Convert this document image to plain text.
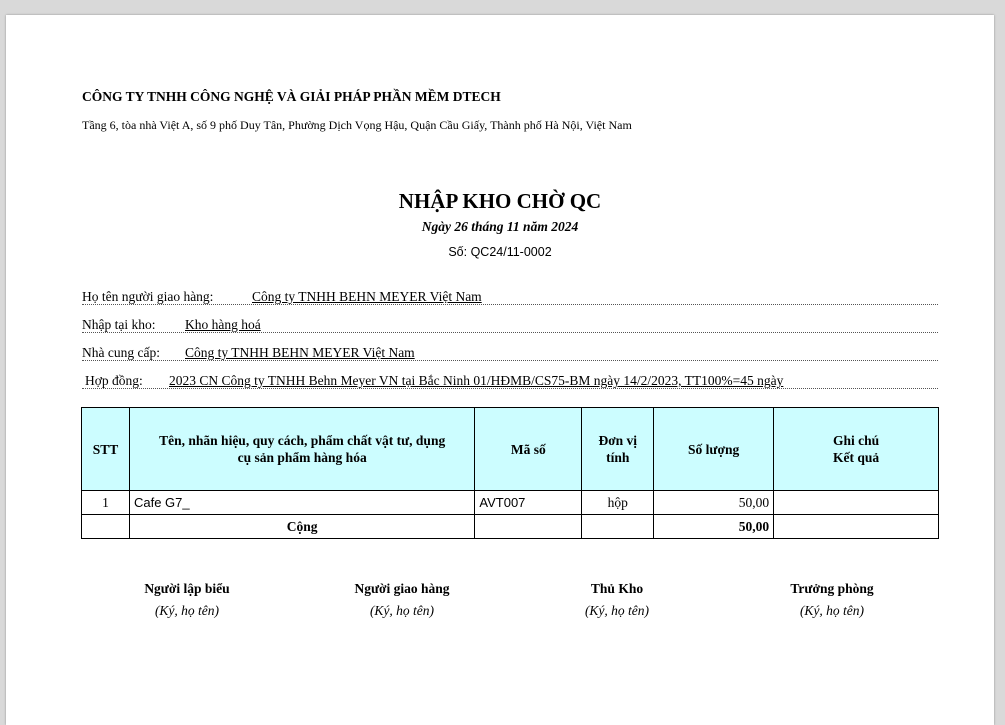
CÔNG TY TNHH CÔNG NGHỆ VÀ GIẢI PHÁP PHẦN MỀM DTECH
Tầng 6, tòa nhà Việt A, số 9 phố Duy Tân, Phường Dịch Vọng Hậu, Quận Cầu Giấy, Thành phố Hà Nội, Việt Nam
NHẬP KHO CHỜ QC
Ngày 26 tháng 11 năm 2024
Số: QC24/11-0002
Họ tên người giao hàng:	Công ty TNHH BEHN MEYER Việt Nam
Nhập tại kho: Kho hàng hoá
Nhà cung cấp: Công ty TNHH BEHN MEYER Việt Nam
Hợp đồng: 2023 CN Công ty TNHH Behn Meyer VN tại Bắc Ninh 01/HĐMB/CS75-BM ngày 14/2/2023, TT100%=45 ngày
STT	Tên, nhãn hiệu, quy cách, phẩm chất vật tư, dụng cụ sản phẩm hàng hóa	Mã số	Đơn vị tính	Số lượng	Ghi chú Kết quả
1	Cafe G7_	AVT007	hộp	50,00	
	Cộng			50,00	
Người lập biểu
(Ký, họ tên)
Người giao hàng
(Ký, họ tên)
Thủ Kho
(Ký, họ tên)
Trưởng phòng
(Ký, họ tên)
